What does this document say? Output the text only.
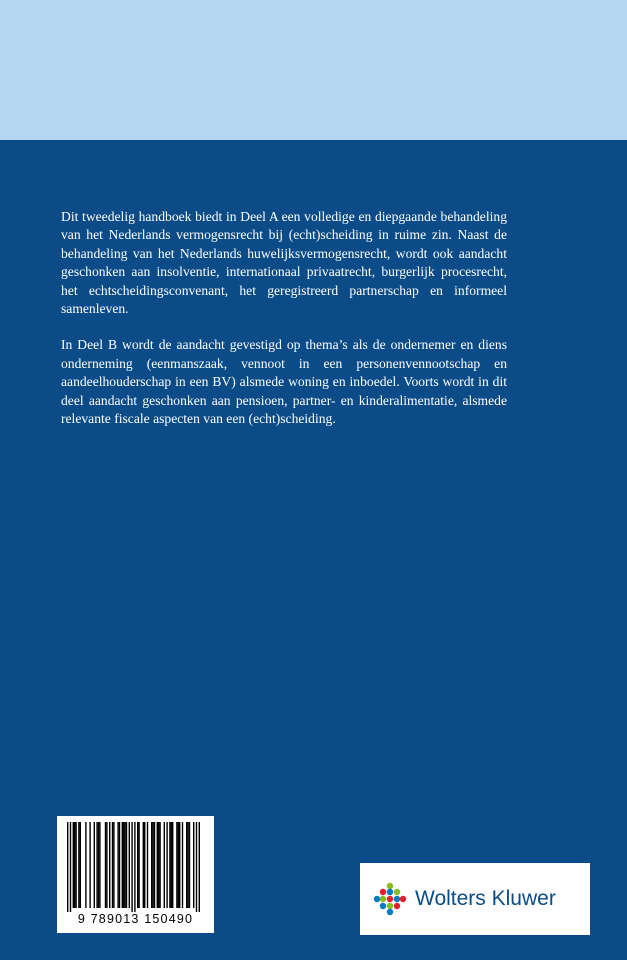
Dit tweedelig handboek biedt in Deel A een volledige en diepgaande behandeling van het Nederlands vermogensrecht bij (echt)scheiding in ruime zin. Naast de behandeling van het Nederlands huwelijksvermogensrecht, wordt ook aandacht geschonken aan insolventie, internationaal privaatrecht, burgerlijk procesrecht, het echtscheidingsconvenant, het geregistreerd partnerschap en informeel samenleven.

In Deel B wordt de aandacht gevestigd op thema’s als de ondernemer en diens onderneming (eenmanszaak, vennoot in een personenvennootschap en aandeelhouderschap in een BV) alsmede woning en inboedel. Voorts wordt in dit deel aandacht geschonken aan pensioen, partner- en kinderalimentatie, alsmede relevante fiscale aspecten van een (echt)scheiding.

9 789013 150490
Wolters Kluwer
